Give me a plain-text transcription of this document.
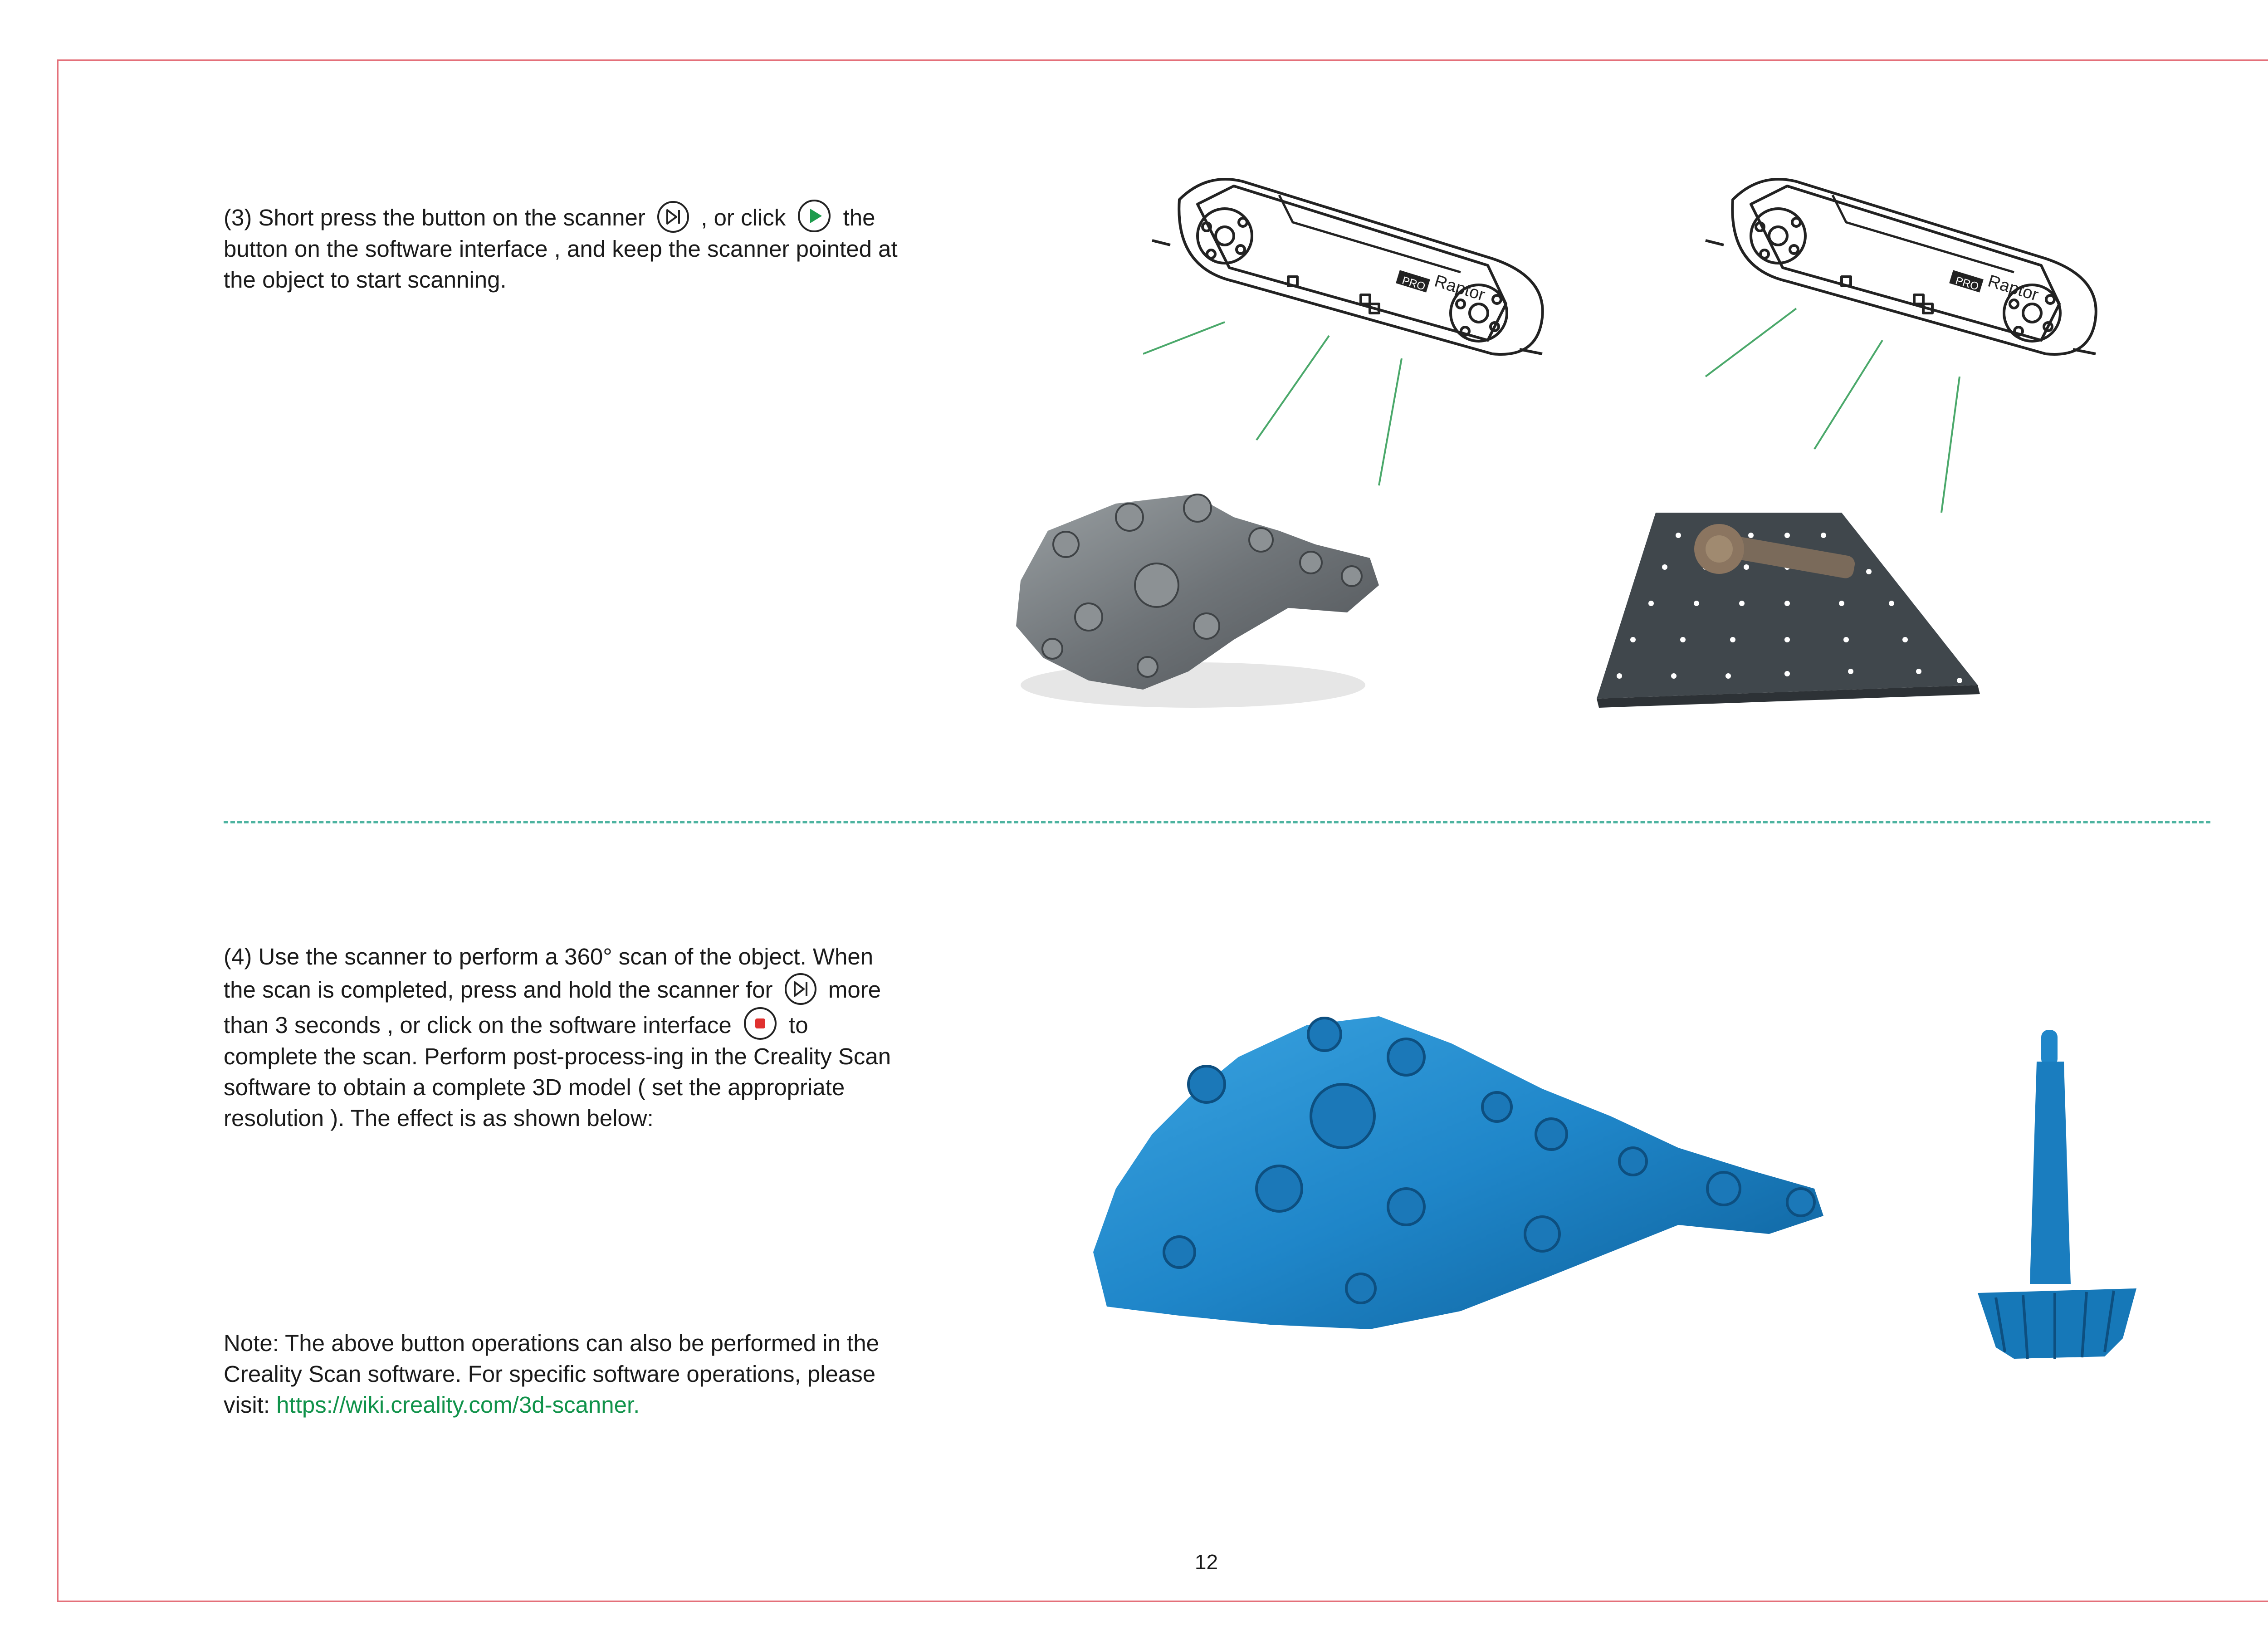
(3) Short press the button on the scanner , or click the button on the software interface , and keep the scanner pointed at the object to start scanning.	Raptor
PRO	Raptor
PRO
(4) Use the scanner to perform a 360° scan of the object. When the scan is completed, press and hold the scanner for more than 3 seconds , or click on the software interface to complete the scan. Perform post-process-ing in the Creality Scan software to obtain a complete 3D model ( set the appropriate resolution ). The effect is as shown below:
Note: The above button operations can also be performed in the Creality Scan software. For specific software operations, please visit: https://wiki.creality.com/3d-scanner.
12
